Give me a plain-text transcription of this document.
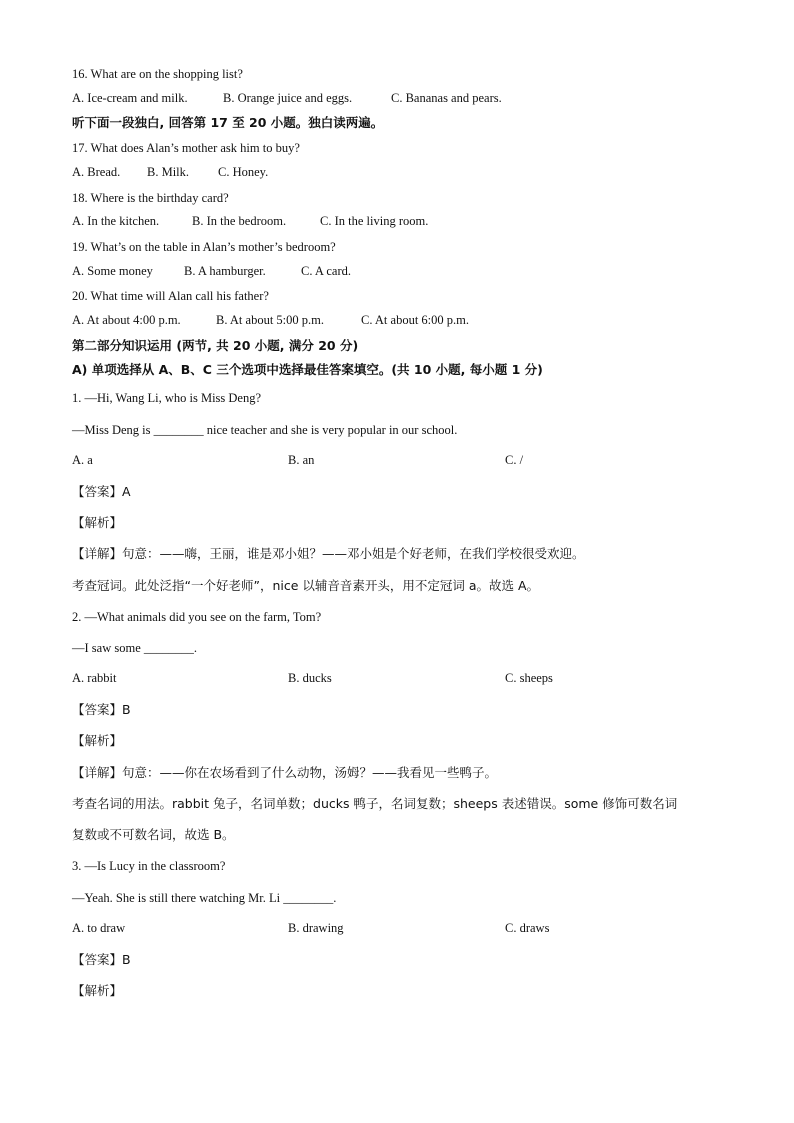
16. What are on the shopping list?
A. Ice-cream and milk.	B. Orange juice and eggs.	C. Bananas and pears.
听下面一段独白, 回答第 17 至 20 小题。独白读两遍。
17. What does Alan’s mother ask him to buy?
A. Bread. B. Milk. C. Honey.
18. Where is the birthday card?
A. In the kitchen.	B. In the bedroom.	C. In the living room.
19. What’s on the table in Alan’s mother’s bedroom?
A. Some money B. A hamburger.	C. A card.
20. What time will Alan call his father?
A. At about 4:00 p.m.	B. At about 5:00 p.m.	C. At about 6:00 p.m.
第二部分知识运用 (两节, 共 20 小题, 满分 20 分)
A) 单项选择从 A、B、C 三个选项中选择最佳答案填空。(共 10 小题, 每小题 1 分)
1. —Hi, Wang Li, who is Miss Deng?
—Miss Deng is ________ nice teacher and she is very popular in our school.
A. a	B. an	C. /
【答案】A
【解析】
【详解】句意：——嗨，王丽，谁是邓小姐？——邓小姐是个好老师，在我们学校很受欢迎。
考查冠词。此处泛指“一个好老师”，nice 以辅音音素开头，用不定冠词 a。故选 A。
2. —What animals did you see on the farm, Tom?
—I saw some ________.
A. rabbit	B. ducks	C. sheeps
【答案】B
【解析】
【详解】句意：——你在农场看到了什么动物，汤姆？——我看见一些鸭子。
考查名词的用法。rabbit 兔子，名词单数；ducks 鸭子，名词复数；sheeps 表述错误。some 修饰可数名词
复数或不可数名词，故选 B。
3. —Is Lucy in the classroom?
—Yeah. She is still there watching Mr. Li ________.
A. to draw	B. drawing	C. draws
【答案】B
【解析】
